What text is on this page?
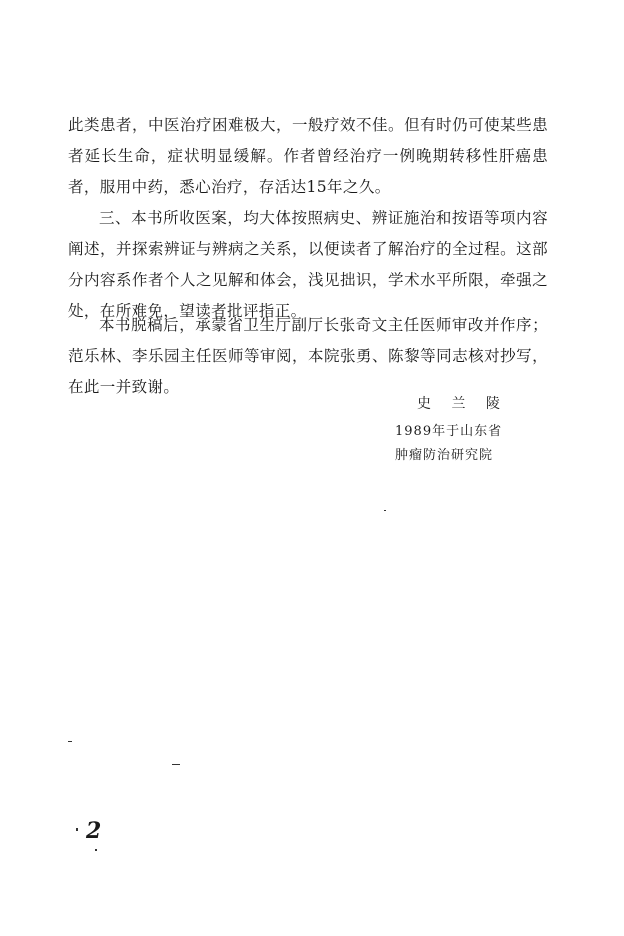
此类患者，中医治疗困难极大，一般疗效不佳。但有时仍可使某些患者延长生命，症状明显缓解。作者曾经治疗一例晚期转移性肝癌患者，服用中药，悉心治疗，存活达15年之久。

三、本书所收医案，均大体按照病史、辨证施治和按语等项内容阐述，并探索辨证与辨病之关系，以便读者了解治疗的全过程。这部分内容系作者个人之见解和体会，浅见拙识，学术水平所限，牵强之处，在所难免，望读者批评指正。

本书脱稿后，承蒙省卫生厅副厅长张奇文主任医师审改并作序；范乐林、李乐园主任医师等审阅，本院张勇、陈黎等同志核对抄写，在此一并致谢。

史 兰 陵
1989年于山东省
肿瘤防治研究院
2
